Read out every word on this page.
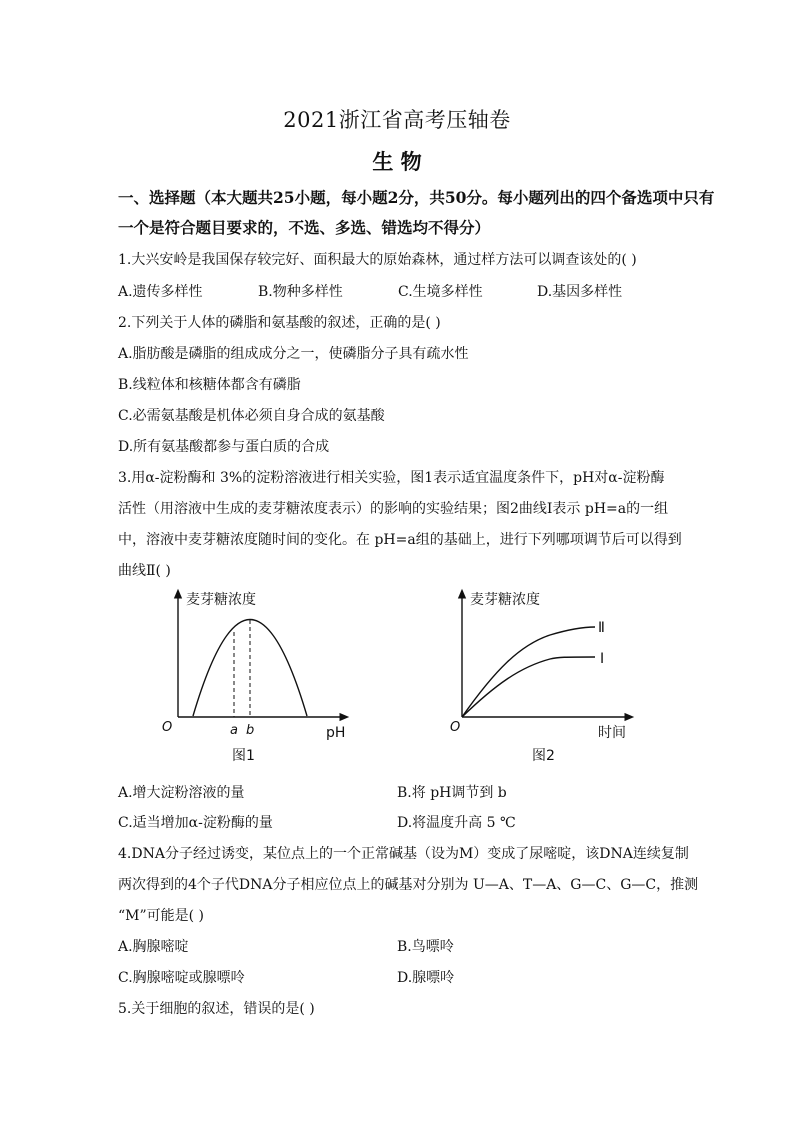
2021浙江省高考压轴卷
生 物
一、选择题（本大题共25小题，每小题2分，共50分。每小题列出的四个备选项中只有
一个是符合题目要求的，不选、多选、错选均不得分）
1.大兴安岭是我国保存较完好、面积最大的原始森林，通过样方法可以调查该处的( )
A.遗传多样性	B.物种多样性	C.生境多样性	D.基因多样性
2.下列关于人体的磷脂和氨基酸的叙述，正确的是( )
A.脂肪酸是磷脂的组成成分之一，使磷脂分子具有疏水性
B.线粒体和核糖体都含有磷脂
C.必需氨基酸是机体必须自身合成的氨基酸
D.所有氨基酸都参与蛋白质的合成
3.用α-淀粉酶和 3%的淀粉溶液进行相关实验，图1表示适宜温度条件下，pH对α-淀粉酶
活性（用溶液中生成的麦芽糖浓度表示）的影响的实验结果；图2曲线Ⅰ表示 pH=a的一组
中，溶液中麦芽糖浓度随时间的变化。在 pH=a组的基础上，进行下列哪项调节后可以得到
曲线Ⅱ( )
麦芽糖浓度
O	a b	pH
图1
麦芽糖浓度
O
Ⅱ
Ⅰ
时间
图2
A.增大淀粉溶液的量	B.将 pH调节到 b
C.适当增加α-淀粉酶的量	D.将温度升高 5 ℃
4.DNA分子经过诱变，某位点上的一个正常碱基（设为M）变成了尿嘧啶，该DNA连续复制
两次得到的4个子代DNA分子相应位点上的碱基对分别为 U—A、T—A、G—C、G—C，推测
“M”可能是( )
A.胸腺嘧啶	B.鸟嘌呤
C.胸腺嘧啶或腺嘌呤	D.腺嘌呤
5.关于细胞的叙述，错误的是( )
